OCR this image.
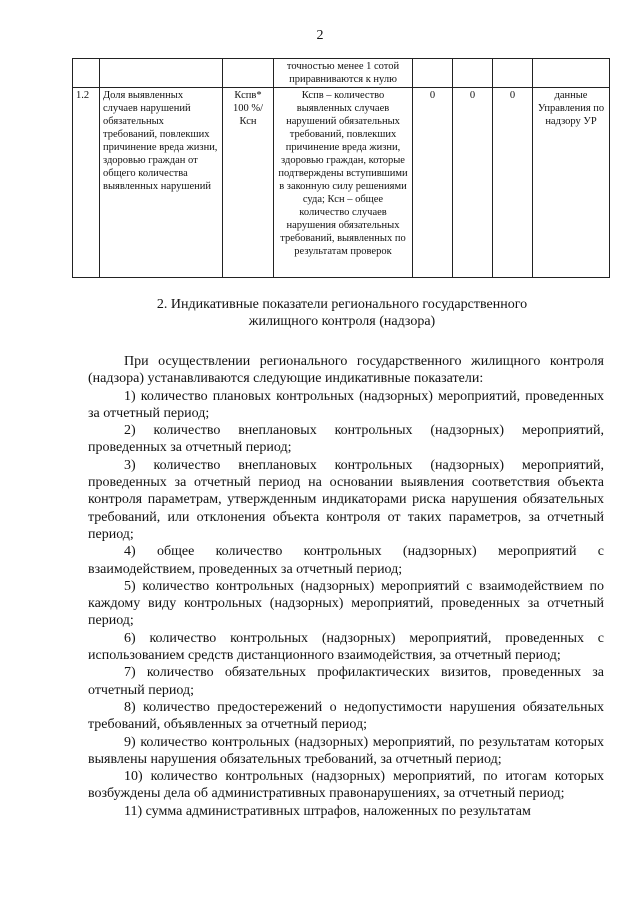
2
			точностью менее 1 сотой приравниваются к нулю				
1.2	Доля выявленных случаев нарушений обязательных требований, повлекших причинение вреда жизни, здоровью граждан от общего количества выявленных нарушений	Кспв* 100 %/ Ксн	Кспв – количество выявленных случаев нарушений обязательных требований, повлекших причинение вреда жизни, здоровью граждан, которые подтверждены вступившими в законную силу решениями суда; Ксн – общее количество случаев нарушения обязательных требований, выявленных по результатам проверок	0	0	0	данные Управления по надзору УР
2. Индикативные показатели регионального государственного
жилищного контроля (надзора)

При осуществлении регионального государственного жилищного контроля (надзора) устанавливаются следующие индикативные показатели:

1) количество плановых контрольных (надзорных) мероприятий, проведенных за отчетный период;

2) количество внеплановых контрольных (надзорных) мероприятий, проведенных за отчетный период;

3) количество внеплановых контрольных (надзорных) мероприятий, проведенных за отчетный период на основании выявления соответствия объекта контроля параметрам, утвержденным индикаторами риска нарушения обязательных требований, или отклонения объекта контроля от таких параметров, за отчетный период;

4) общее количество контрольных (надзорных) мероприятий с взаимодействием, проведенных за отчетный период;

5) количество контрольных (надзорных) мероприятий с взаимодействием по каждому виду контрольных (надзорных) мероприятий, проведенных за отчетный период;

6) количество контрольных (надзорных) мероприятий, проведенных с использованием средств дистанционного взаимодействия, за отчетный период;

7) количество обязательных профилактических визитов, проведенных за отчетный период;

8) количество предостережений о недопустимости нарушения обязательных требований, объявленных за отчетный период;

9) количество контрольных (надзорных) мероприятий, по результатам которых выявлены нарушения обязательных требований, за отчетный период;

10) количество контрольных (надзорных) мероприятий, по итогам которых возбуждены дела об административных правонарушениях, за отчетный период;

11) сумма административных штрафов, наложенных по результатам
